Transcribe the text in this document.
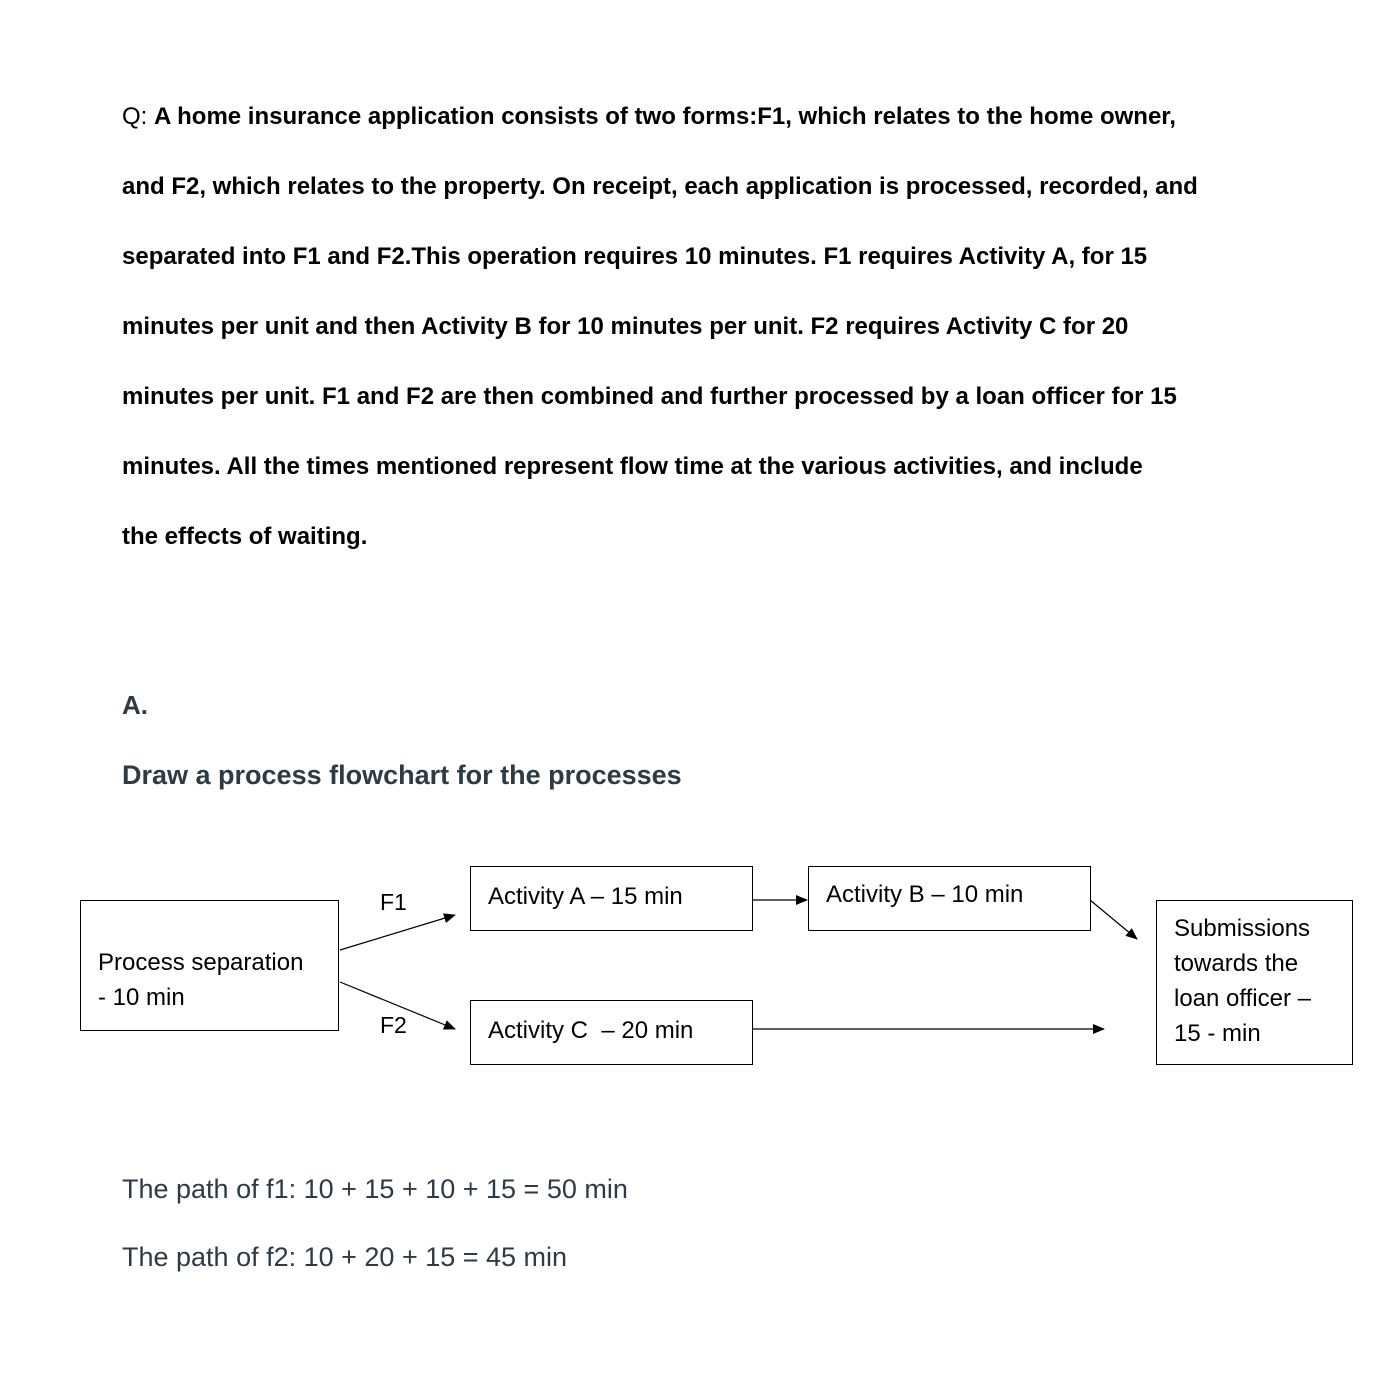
Q: A home insurance application consists of two forms:F1, which relates to the home owner,
and F2, which relates to the property. On receipt, each application is processed, recorded, and
separated into F1 and F2.This operation requires 10 minutes. F1 requires Activity A, for 15
minutes per unit and then Activity B for 10 minutes per unit. F2 requires Activity C for 20
minutes per unit. F1 and F2 are then combined and further processed by a loan officer for 15
minutes. All the times mentioned represent flow time at the various activities, and include
the effects of waiting.
A.
Draw a process flowchart for the processes
Process separation
- 10 min
F1
F2
Activity A – 15 min	Activity B – 10 min
Activity C  – 20 min
Submissions
towards the
loan officer –
15 - min
The path of f1: 10 + 15 + 10 + 15 = 50 min
The path of f2: 10 + 20 + 15 = 45 min
